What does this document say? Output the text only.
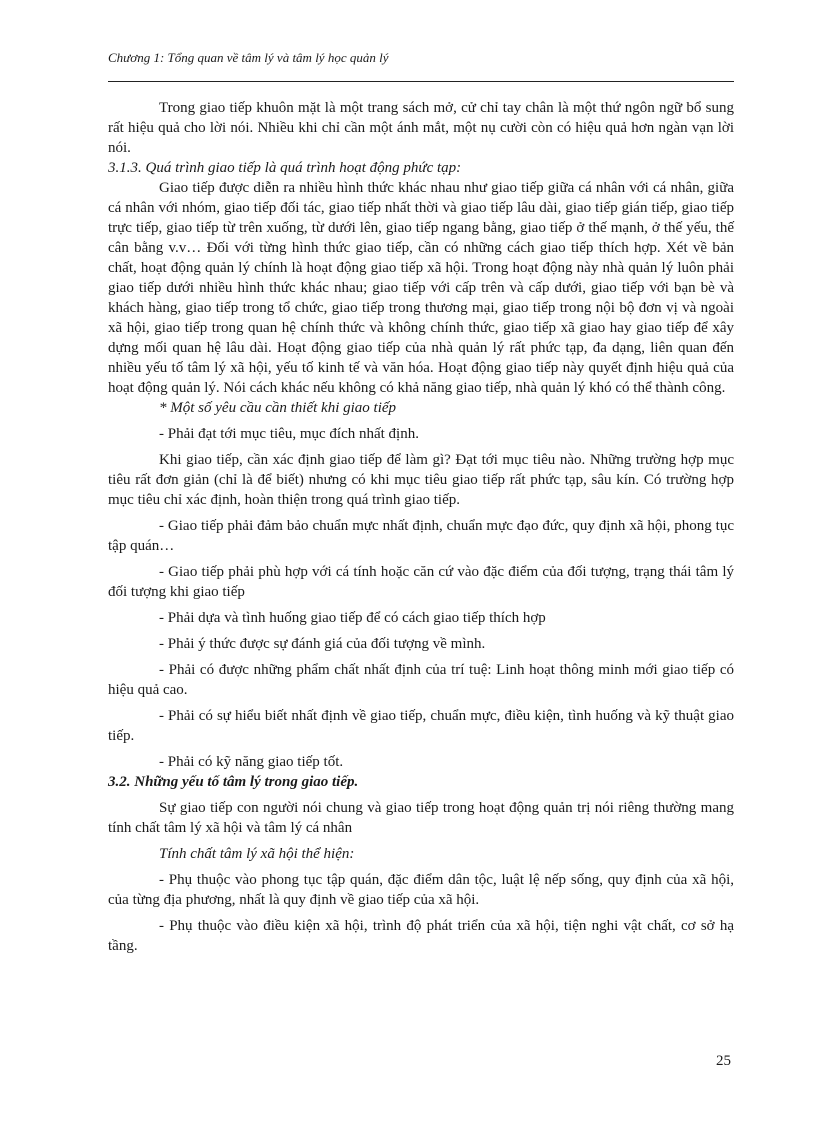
Chương 1: Tổng quan về tâm lý và tâm lý học quản lý

Trong giao tiếp khuôn mặt là một trang sách mở, cử chỉ tay chân là một thứ ngôn ngữ bổ sung rất hiệu quả cho lời nói. Nhiều khi chỉ cần một ánh mắt, một nụ cười còn có hiệu quả hơn ngàn vạn lời nói.

3.1.3. Quá trình giao tiếp là quá trình hoạt động phức tạp:

Giao tiếp được diễn ra nhiều hình thức khác nhau như giao tiếp giữa cá nhân với cá nhân, giữa cá nhân với nhóm, giao tiếp đối tác, giao tiếp nhất thời và giao tiếp lâu dài, giao tiếp gián tiếp, giao tiếp trực tiếp, giao tiếp từ trên xuống, từ dưới lên, giao tiếp ngang bằng, giao tiếp ở thế mạnh, ở thế yếu, thế cân bằng v.v… Đối với từng hình thức giao tiếp, cần có những cách giao tiếp thích hợp. Xét về bản chất, hoạt động quản lý chính là hoạt động giao tiếp xã hội. Trong hoạt động này nhà quản lý luôn phải giao tiếp dưới nhiều hình thức khác nhau; giao tiếp với cấp trên và cấp dưới, giao tiếp với bạn bè và khách hàng, giao tiếp trong tổ chức, giao tiếp trong thương mại, giao tiếp trong nội bộ đơn vị và ngoài xã hội, giao tiếp trong quan hệ chính thức và không chính thức, giao tiếp xã giao hay giao tiếp để xây dựng mối quan hệ lâu dài. Hoạt động giao tiếp của nhà quản lý rất phức tạp, đa dạng, liên quan đến nhiều yếu tố tâm lý xã hội, yếu tố kinh tế và văn hóa. Hoạt động giao tiếp này quyết định hiệu quả của hoạt động quản lý. Nói cách khác nếu không có khả năng giao tiếp, nhà quản lý khó có thể thành công.

* Một số yêu cầu cần thiết khi giao tiếp

- Phải đạt tới mục tiêu, mục đích nhất định.

Khi giao tiếp, cần xác định giao tiếp để làm gì? Đạt tới mục tiêu nào. Những trường hợp mục tiêu rất đơn giản (chỉ là để biết) nhưng có khi mục tiêu giao tiếp rất phức tạp, sâu kín. Có trường hợp mục tiêu chỉ xác định, hoàn thiện trong quá trình giao tiếp.

- Giao tiếp phải đảm bảo chuẩn mực nhất định, chuẩn mực đạo đức, quy định xã hội, phong tục tập quán…

- Giao tiếp phải phù hợp với cá tính hoặc căn cứ vào đặc điểm của đối tượng, trạng thái tâm lý đối tượng khi giao tiếp

- Phải dựa và tình huống giao tiếp để có cách giao tiếp thích hợp

- Phải ý thức được sự đánh giá của đối tượng về mình.

- Phải có được những phẩm chất nhất định của trí tuệ: Linh hoạt thông minh mới giao tiếp có hiệu quả cao.

- Phải có sự hiểu biết nhất định về giao tiếp, chuẩn mực, điều kiện, tình huống và kỹ thuật giao tiếp.

- Phải có kỹ năng giao tiếp tốt.

3.2. Những yếu tố tâm lý trong giao tiếp.

Sự giao tiếp con người nói chung và giao tiếp trong hoạt động quản trị nói riêng thường mang tính chất tâm lý xã hội và tâm lý cá nhân

Tính chất tâm lý xã hội thể hiện:

- Phụ thuộc vào phong tục tập quán, đặc điểm dân tộc, luật lệ nếp sống, quy định của xã hội, của từng địa phương, nhất là quy định về giao tiếp của xã hội.

- Phụ thuộc vào điều kiện xã hội, trình độ phát triển của xã hội, tiện nghi vật chất, cơ sở hạ tầng.

25
